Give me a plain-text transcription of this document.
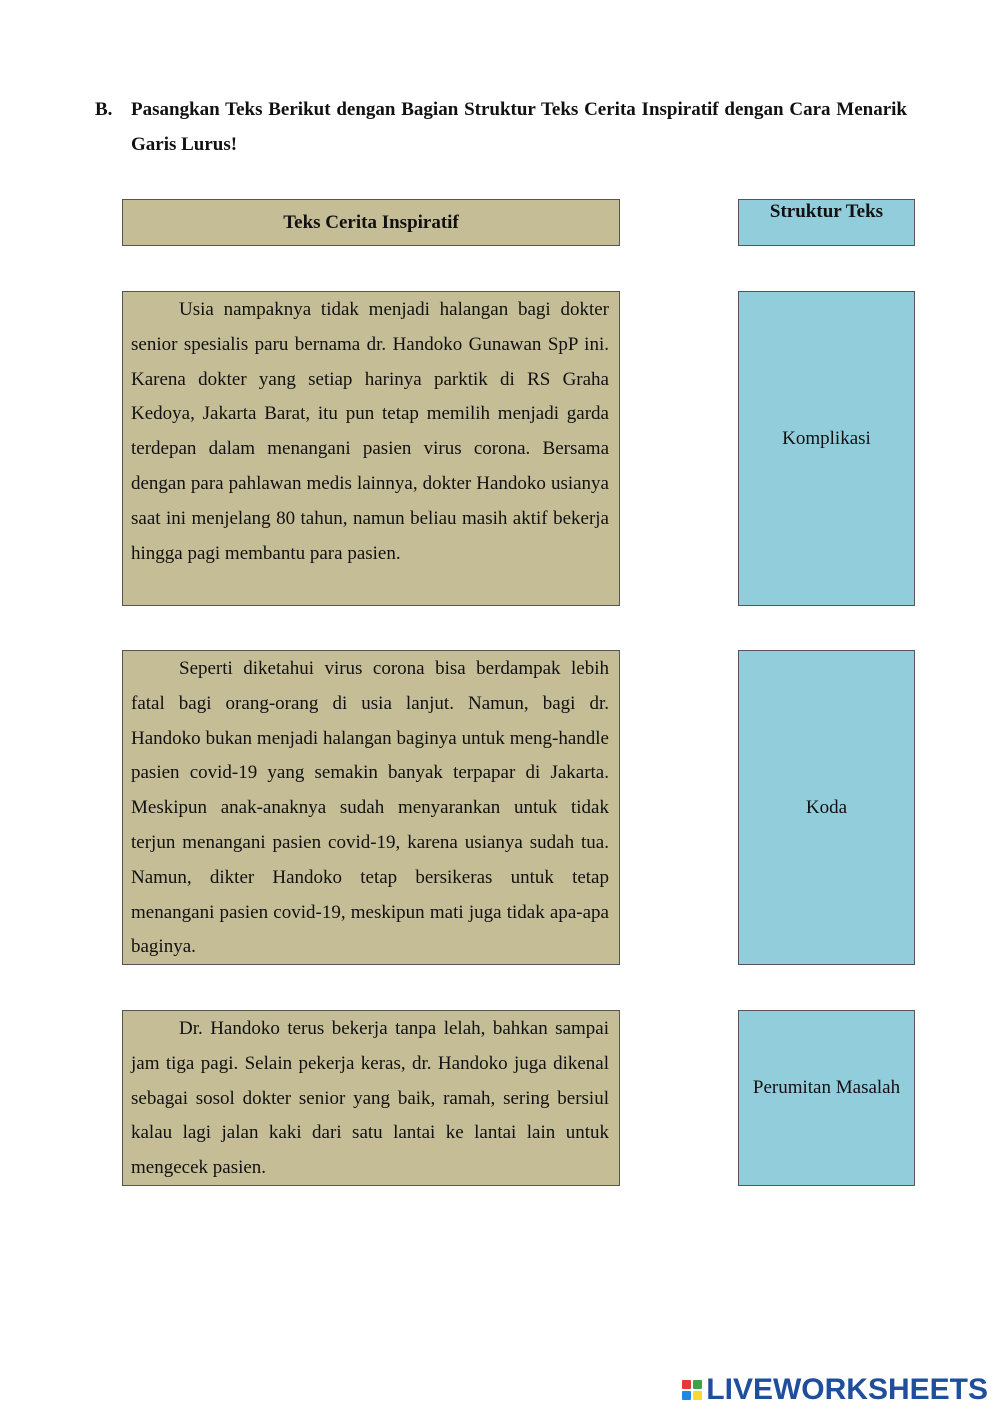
B. Pasangkan Teks Berikut dengan Bagian Struktur Teks Cerita Inspiratif dengan Cara Menarik Garis Lurus!
Teks Cerita Inspiratif	Struktur Teks

Usia nampaknya tidak menjadi halangan bagi dokter senior spesialis paru bernama dr. Handoko Gunawan SpP ini. Karena dokter yang setiap harinya parktik di RS Graha Kedoya, Jakarta Barat, itu pun tetap memilih menjadi garda terdepan dalam menangani pasien virus corona. Bersama dengan para pahlawan medis lainnya, dokter Handoko usianya saat ini menjelang 80 tahun, namun beliau masih aktif bekerja hingga pagi membantu para pasien.

Komplikasi

Seperti diketahui virus corona bisa berdampak lebih fatal bagi orang-orang di usia lanjut. Namun, bagi dr. Handoko bukan menjadi halangan baginya untuk meng-handle pasien covid-19 yang semakin banyak terpapar di Jakarta. Meskipun anak-anaknya sudah menyarankan untuk tidak terjun menangani pasien covid-19, karena usianya sudah tua. Namun, dikter Handoko tetap bersikeras untuk tetap menangani pasien covid-19, meskipun mati juga tidak apa-apa baginya.

Koda

Dr. Handoko terus bekerja tanpa lelah, bahkan sampai jam tiga pagi. Selain pekerja keras, dr. Handoko juga dikenal sebagai sosol dokter senior yang baik, ramah, sering bersiul kalau lagi jalan kaki dari satu lantai ke lantai lain untuk mengecek pasien.

Perumitan Masalah
LIVEWORKSHEETS
